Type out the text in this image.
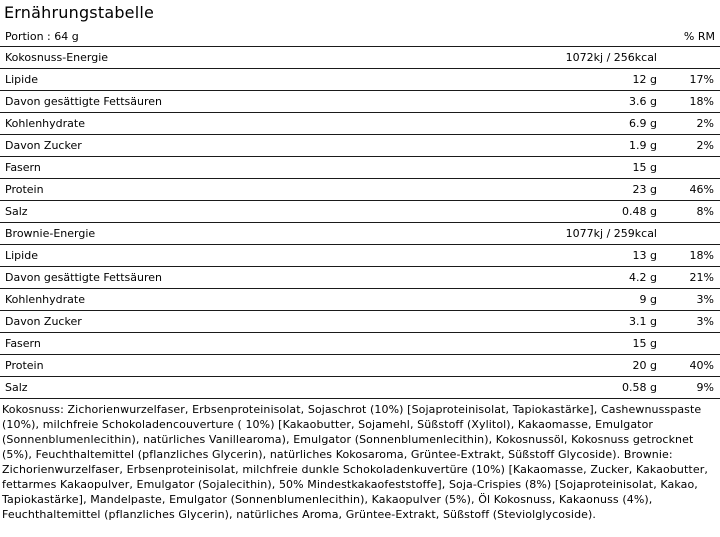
Ernährungstabelle
Portion : 64 g	% RM
Kokosnuss-Energie	1072kj / 256kcal
Lipide	12 g	17%
Davon gesättigte Fettsäuren	3.6 g	18%
Kohlenhydrate	6.9 g	2%
Davon Zucker	1.9 g	2%
Fasern	15 g
Protein	23 g	46%
Salz	0.48 g	8%
Brownie-Energie	1077kj / 259kcal
Lipide	13 g	18%
Davon gesättigte Fettsäuren	4.2 g	21%
Kohlenhydrate	9 g	3%
Davon Zucker	3.1 g	3%
Fasern	15 g
Protein	20 g	40%
Salz	0.58 g	9%
Kokosnuss: Zichorienwurzelfaser, Erbsenproteinisolat, Sojaschrot (10%) [Sojaproteinisolat, Tapiokastärke], Cashewnusspaste (10%), milchfreie Schokoladencouverture ( 10%) [Kakaobutter, Sojamehl, Süßstoff (Xylitol), Kakaomasse, Emulgator (Sonnenblumenlecithin), natürliches Vanillearoma), Emulgator (Sonnenblumenlecithin), Kokosnussöl, Kokosnuss getrocknet (5%), Feuchthaltemittel (pflanzliches Glycerin), natürliches Kokosaroma, Grüntee-Extrakt, Süßstoff Glycoside). Brownie: Zichorienwurzelfaser, Erbsenproteinisolat, milchfreie dunkle Schokoladenkuvertüre (10%) [Kakaomasse, Zucker, Kakaobutter, fettarmes Kakaopulver, Emulgator (Sojalecithin), 50% Mindestkakaofeststoffe], Soja-Crispies (8%) [Sojaproteinisolat, Kakao, Tapiokastärke], Mandelpaste, Emulgator (Sonnenblumenlecithin), Kakaopulver (5%), Öl Kokosnuss, Kakaonuss (4%), Feuchthaltemittel (pflanzliches Glycerin), natürliches Aroma, Grüntee-Extrakt, Süßstoff (Steviolglycoside).
